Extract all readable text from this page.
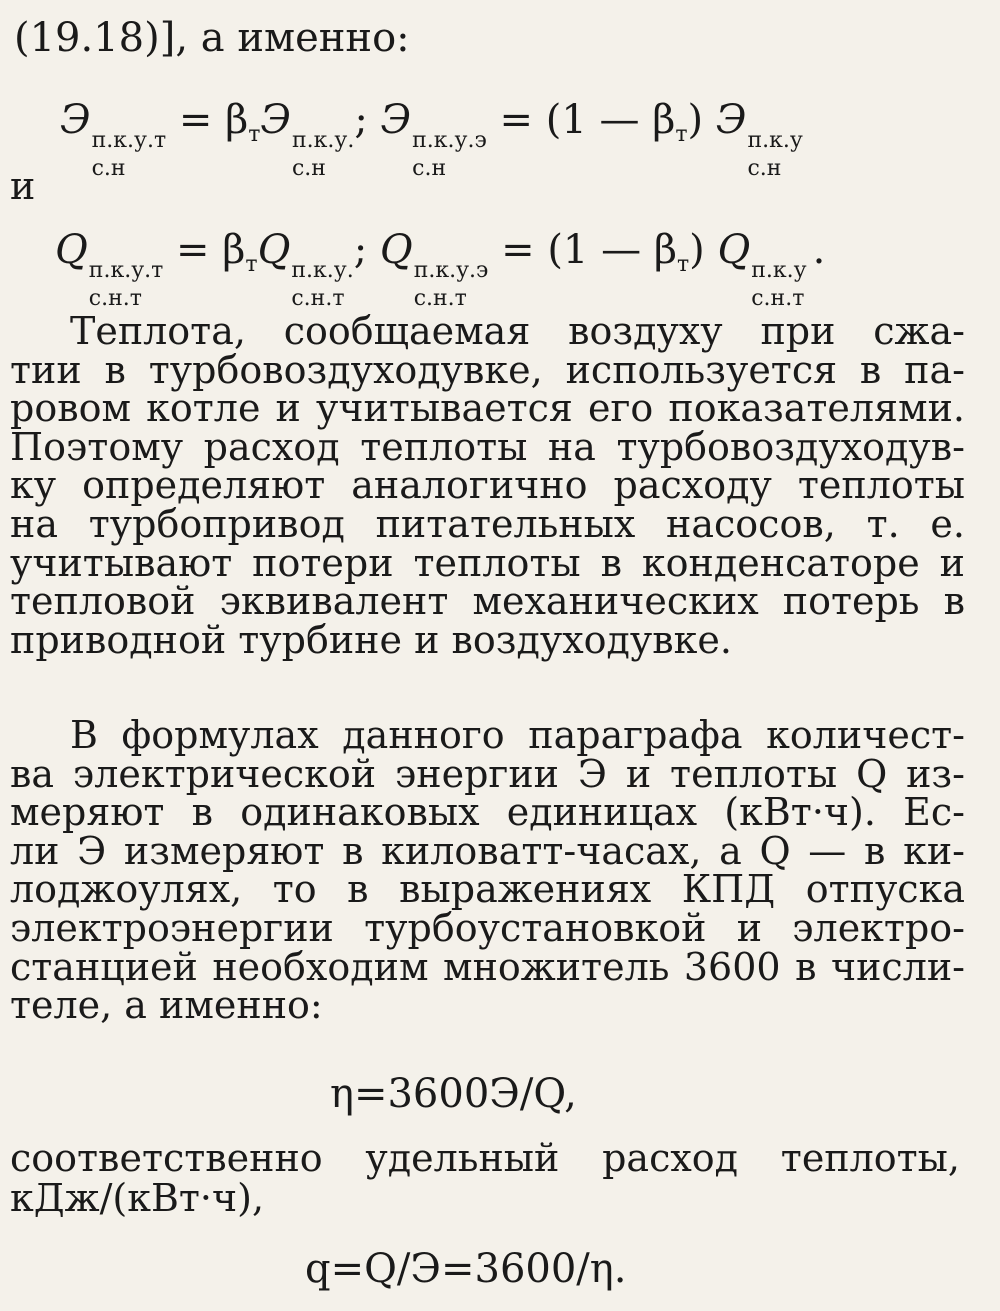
(19.18)], а именно:
Э п.к.у.т
с.н
= $\beta_тЭ$ п.к.у.
с.н
; Э п.к.у.э
с.н
= (1 — $\beta_т$) Э п.к.у
с.н
и
Q п.к.у.т
с.н.т
= $\beta_тQ$ п.к.у.
с.н.т
; Q п.к.у.э
с.н.т
= (1 — $\beta_т$) Q п.к.у
с.н.т
.
Теплота, сообщаемая воздуху при сжа-
тии в турбовоздуходувке, используется в па-
ровом котле и учитывается его показателями.
Поэтому расход теплоты на турбовоздуходув-
ку определяют аналогично расходу теплоты
на турбопривод питательных насосов, т. е.
учитывают потери теплоты в конденсаторе и
тепловой эквивалент механических потерь в
приводной турбине и воздуходувке.
В формулах данного параграфа количест-
ва электрической энергии Э и теплоты Q из-
меряют в одинаковых единицах (кВт·ч). Ес-
ли Э измеряют в киловатт-часах, а Q — в ки-
лоджоулях, то в выражениях КПД отпуска
электроэнергии турбоустановкой и электро-
станцией необходим множитель 3600 в числи-
теле, а именно:
η=3600Э/Q,
соответственно удельный расход теплоты,
кДж/(кВт·ч),
q=Q/Э=3600/η.
